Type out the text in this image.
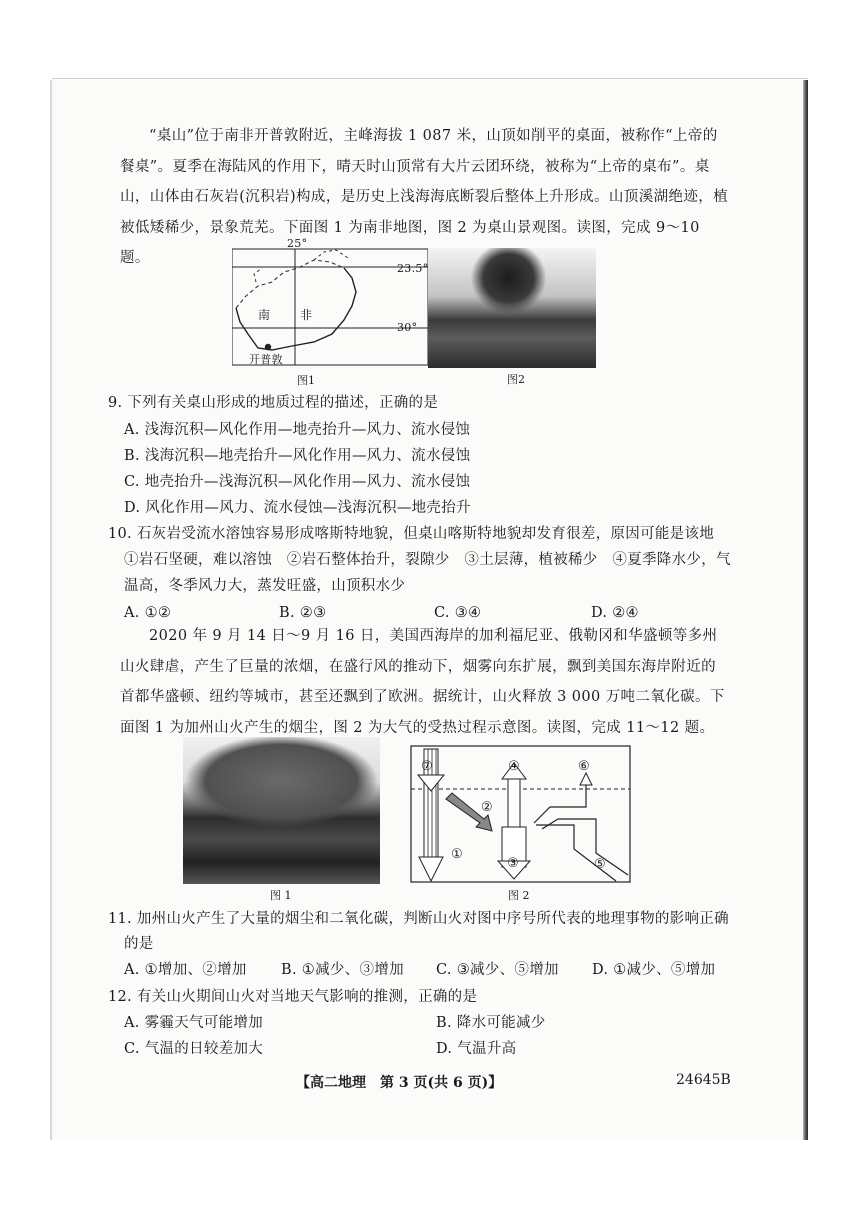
“桌山”位于南非开普敦附近，主峰海拔 1 087 米，山顶如削平的桌面，被称作“上帝的餐桌”。夏季在海陆风的作用下，晴天时山顶常有大片云团环绕，被称为“上帝的桌布”。桌山，山体由石灰岩(沉积岩)构成，是历史上浅海海底断裂后整体上升形成。山顶溪湖绝迹，植被低矮稀少，景象荒芜。下面图 1 为南非地图，图 2 为桌山景观图。读图，完成 9～10 题。
25°
23.5°
30°
南 非
开普敦
图1	图2
9. 下列有关桌山形成的地质过程的描述，正确的是
A. 浅海沉积—风化作用—地壳抬升—风力、流水侵蚀
B. 浅海沉积—地壳抬升—风化作用—风力、流水侵蚀
C. 地壳抬升—浅海沉积—风化作用—风力、流水侵蚀
D. 风化作用—风力、流水侵蚀—浅海沉积—地壳抬升
10. 石灰岩受流水溶蚀容易形成喀斯特地貌，但桌山喀斯特地貌却发育很差，原因可能是该地
①岩石坚硬，难以溶蚀　②岩石整体抬升，裂隙少　③土层薄，植被稀少　④夏季降水少，气
温高，冬季风力大，蒸发旺盛，山顶积水少
A. ①②	B. ②③	C. ③④	D. ②④
2020 年 9 月 14 日～9 月 16 日，美国西海岸的加利福尼亚、俄勒冈和华盛顿等多州山火肆虐，产生了巨量的浓烟，在盛行风的推动下，烟雾向东扩展，飘到美国东海岸附近的首都华盛顿、纽约等城市，甚至还飘到了欧洲。据统计，山火释放 3 000 万吨二氧化碳。下面图 1 为加州山火产生的烟尘，图 2 为大气的受热过程示意图。读图，完成 11～12 题。
图 1
⑦	④	⑥
②
①
③	⑤
图 2
11. 加州山火产生了大量的烟尘和二氧化碳，判断山火对图中序号所代表的地理事物的影响正确
的是
A. ①增加、②增加 B. ①减少、③增加 C. ③减少、⑤增加 D. ①减少、⑤增加
12. 有关山火期间山火对当地天气影响的推测，正确的是
A. 雾霾天气可能增加	B. 降水可能减少
C. 气温的日较差加大	D. 气温升高
【高二地理　第 3 页(共 6 页)】	24645B
